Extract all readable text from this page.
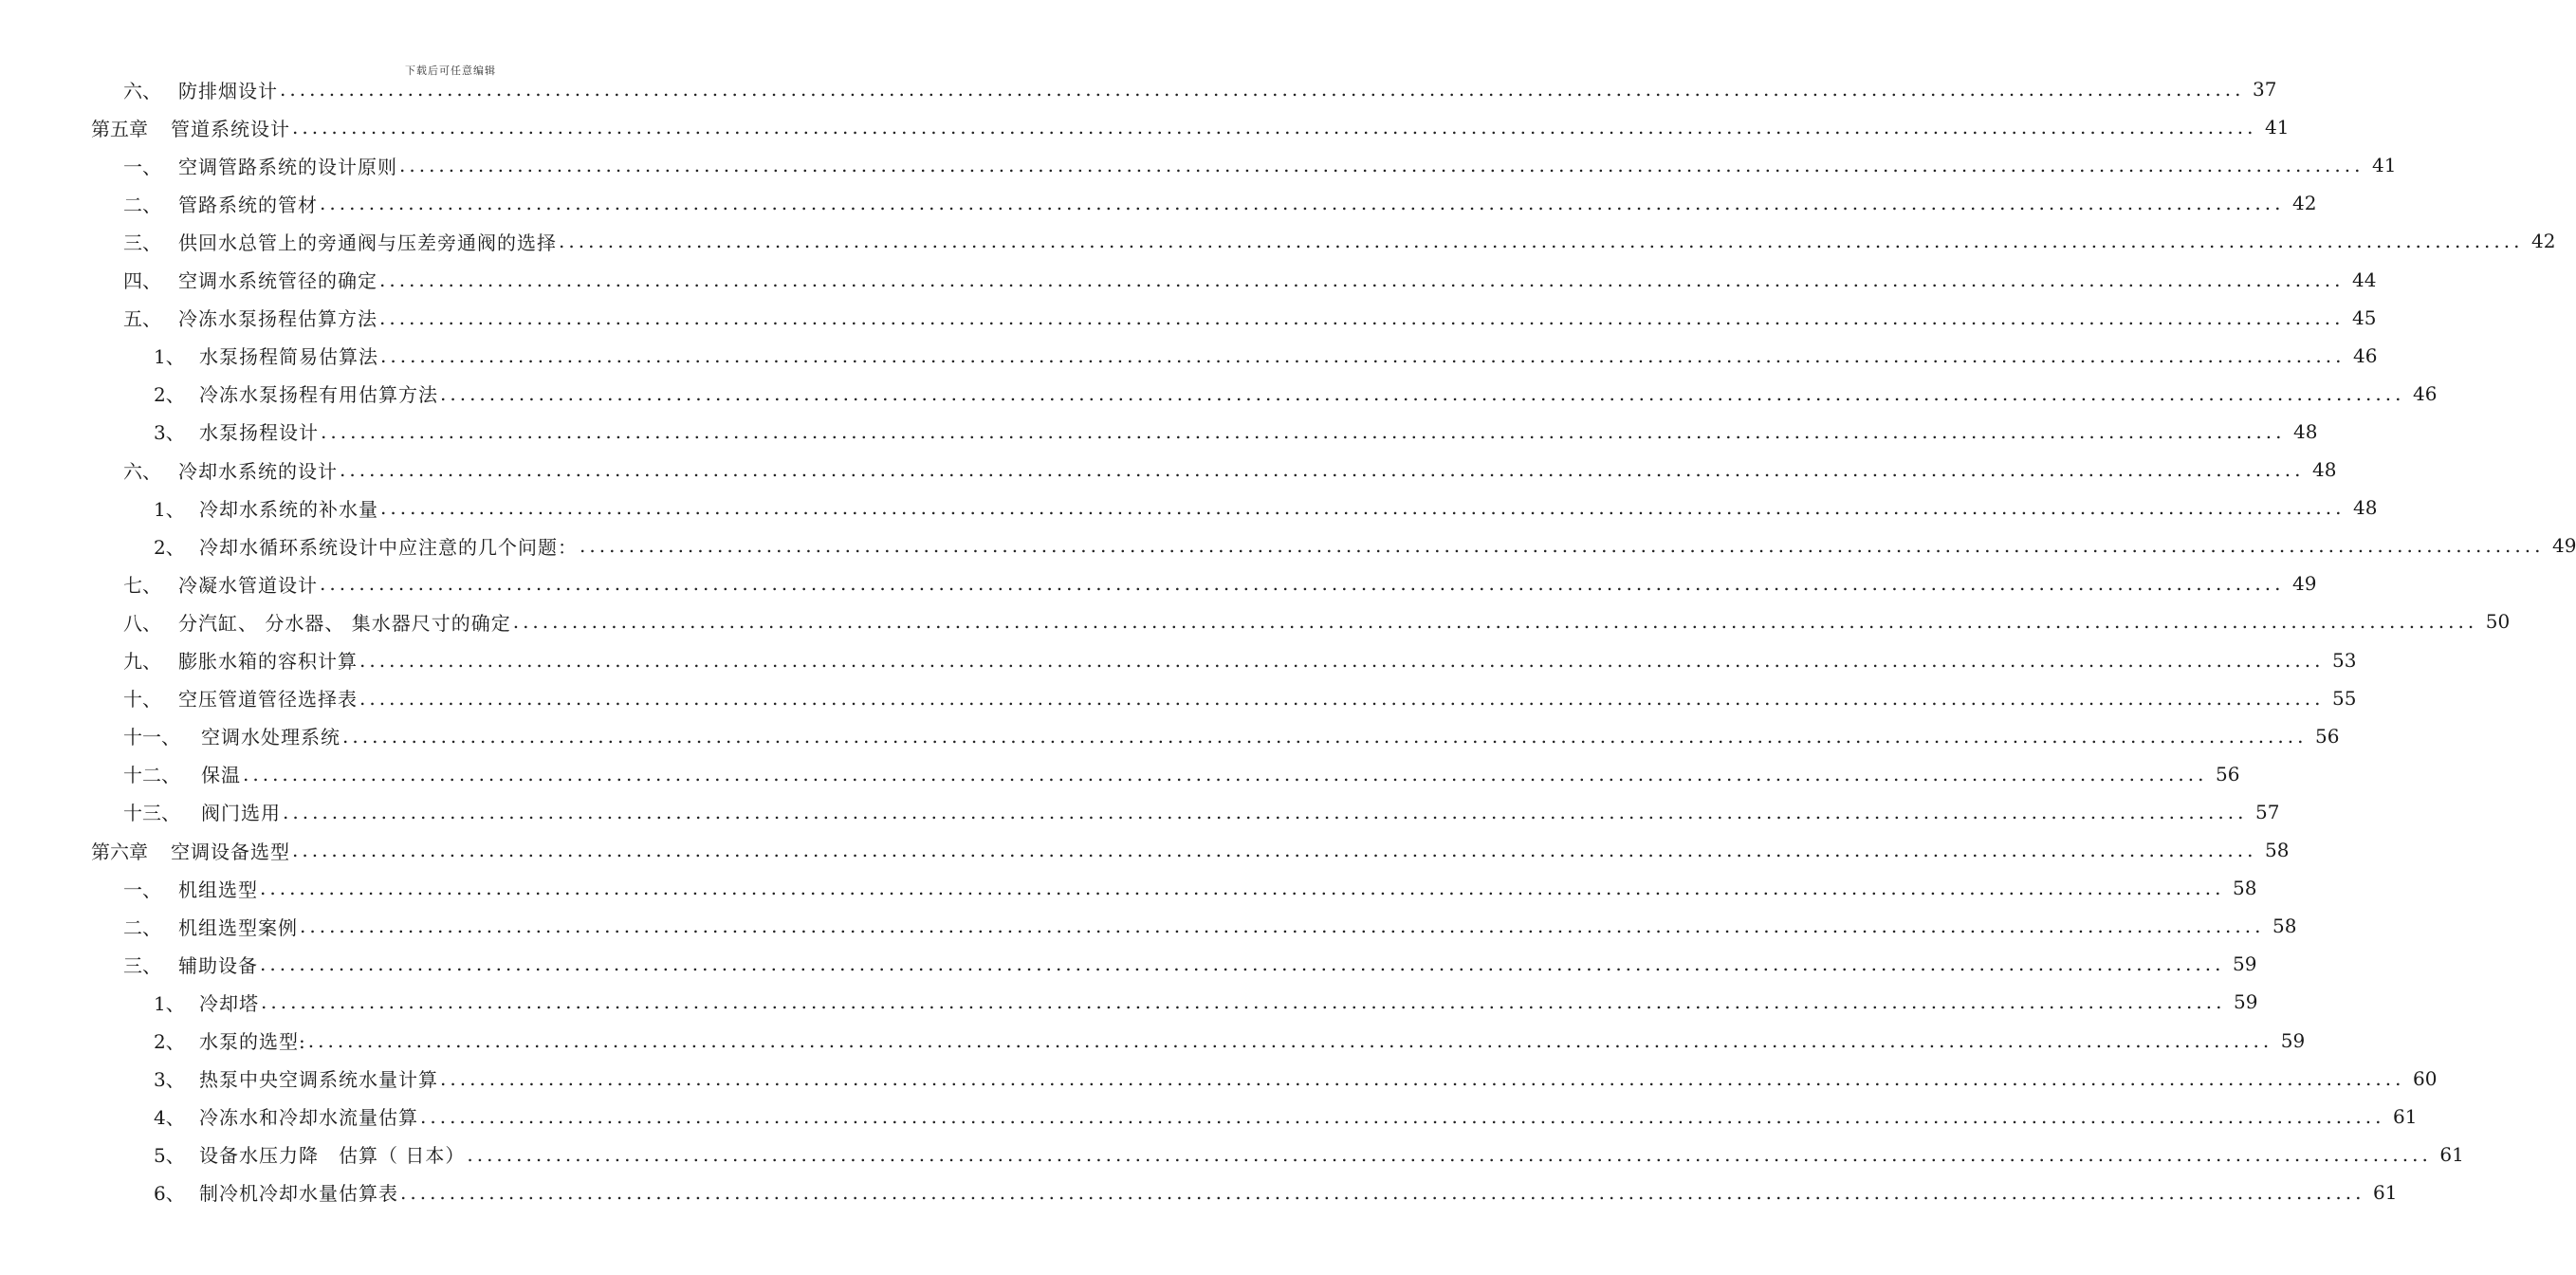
下载后可任意编辑
六、 防排烟设计 ........................................................................................................................................................................................................ 37
第五章	管道系统设计 ........................................................................................................................................................................................................ 41
一、 空调管路系统的设计原则 ........................................................................................................................................................................................................ 41
二、 管路系统的管材 ........................................................................................................................................................................................................ 42
三、 供回水总管上的旁通阀与压差旁通阀的选择 ........................................................................................................................................................................................................ 42
四、 空调水系统管径的确定 ........................................................................................................................................................................................................ 44
五、 冷冻水泵扬程估算方法 ........................................................................................................................................................................................................ 45
1、 水泵扬程简易估算法 ........................................................................................................................................................................................................ 46
2、 冷冻水泵扬程有用估算方法 ........................................................................................................................................................................................................ 46
3、 水泵扬程设计 ........................................................................................................................................................................................................ 48
六、 冷却水系统的设计 ........................................................................................................................................................................................................ 48
1、 冷却水系统的补水量 ........................................................................................................................................................................................................ 48
2、 冷却水循环系统设计中应注意的几个问题： ........................................................................................................................................................................................................ 49
七、 冷凝水管道设计 ........................................................................................................................................................................................................ 49
八、 分汽缸、 分水器、 集水器尺寸的确定 ........................................................................................................................................................................................................ 50
九、 膨胀水箱的容积计算 ........................................................................................................................................................................................................ 53
十、 空压管道管径选择表 ........................................................................................................................................................................................................ 55
十一、	空调水处理系统 ........................................................................................................................................................................................................ 56
十二、	保温 ........................................................................................................................................................................................................ 56
十三、	阀门选用 ........................................................................................................................................................................................................ 57
第六章	空调设备选型 ........................................................................................................................................................................................................ 58
一、 机组选型 ........................................................................................................................................................................................................ 58
二、 机组选型案例 ........................................................................................................................................................................................................ 58
三、 辅助设备 ........................................................................................................................................................................................................ 59
1、 冷却塔 ........................................................................................................................................................................................................ 59
2、 水泵的选型: ........................................................................................................................................................................................................ 59
3、 热泵中央空调系统水量计算 ........................................................................................................................................................................................................ 60
4、 冷冻水和冷却水流量估算 ........................................................................................................................................................................................................ 61
5、 设备水压力降　估算（ 日本） ........................................................................................................................................................................................................ 61
6、 制冷机冷却水量估算表 ........................................................................................................................................................................................................ 61
